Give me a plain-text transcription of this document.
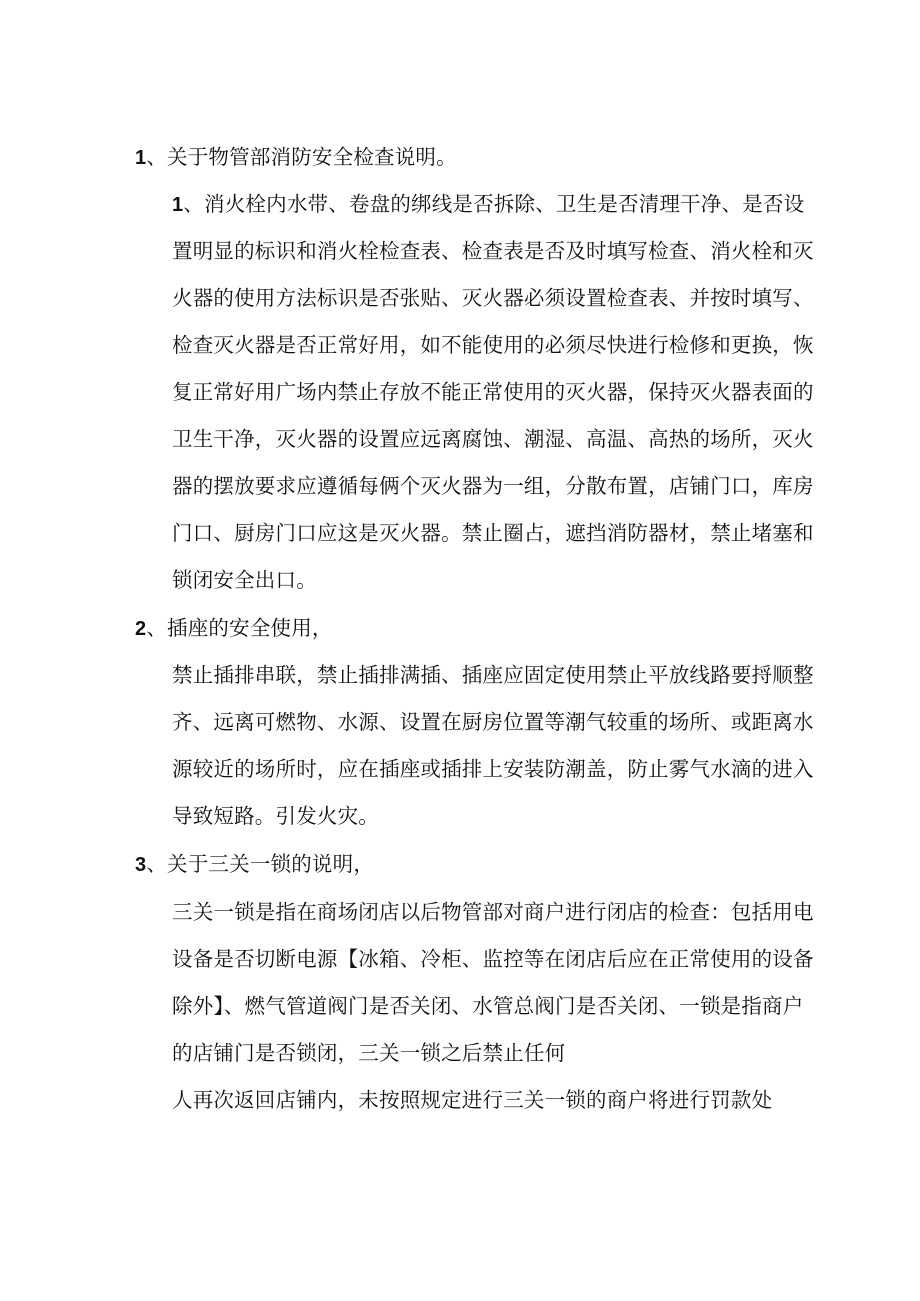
1、关于物管部消防安全检查说明。
1、消火栓内水带、卷盘的绑线是否拆除、卫生是否清理干净、是否设
置明显的标识和消火栓检查表、检查表是否及时填写检查、消火栓和灭
火器的使用方法标识是否张贴、灭火器必须设置检查表、并按时填写、
检查灭火器是否正常好用，如不能使用的必须尽快进行检修和更换，恢
复正常好用广场内禁止存放不能正常使用的灭火器，保持灭火器表面的
卫生干净，灭火器的设置应远离腐蚀、潮湿、高温、高热的场所，灭火
器的摆放要求应遵循每俩个灭火器为一组，分散布置，店铺门口，库房
门口、厨房门口应这是灭火器。禁止圈占，遮挡消防器材，禁止堵塞和
锁闭安全出口。
2、插座的安全使用，
禁止插排串联，禁止插排满插、插座应固定使用禁止平放线路要捋顺整
齐、远离可燃物、水源、设置在厨房位置等潮气较重的场所、或距离水
源较近的场所时，应在插座或插排上安装防潮盖，防止雾气水滴的进入
导致短路。引发火灾。
3、关于三关一锁的说明，
三关一锁是指在商场闭店以后物管部对商户进行闭店的检查：包括用电
设备是否切断电源【冰箱、冷柜、监控等在闭店后应在正常使用的设备
除外】、燃气管道阀门是否关闭、水管总阀门是否关闭、一锁是指商户
的店铺门是否锁闭，三关一锁之后禁止任何
人再次返回店铺内，未按照规定进行三关一锁的商户将进行罚款处
